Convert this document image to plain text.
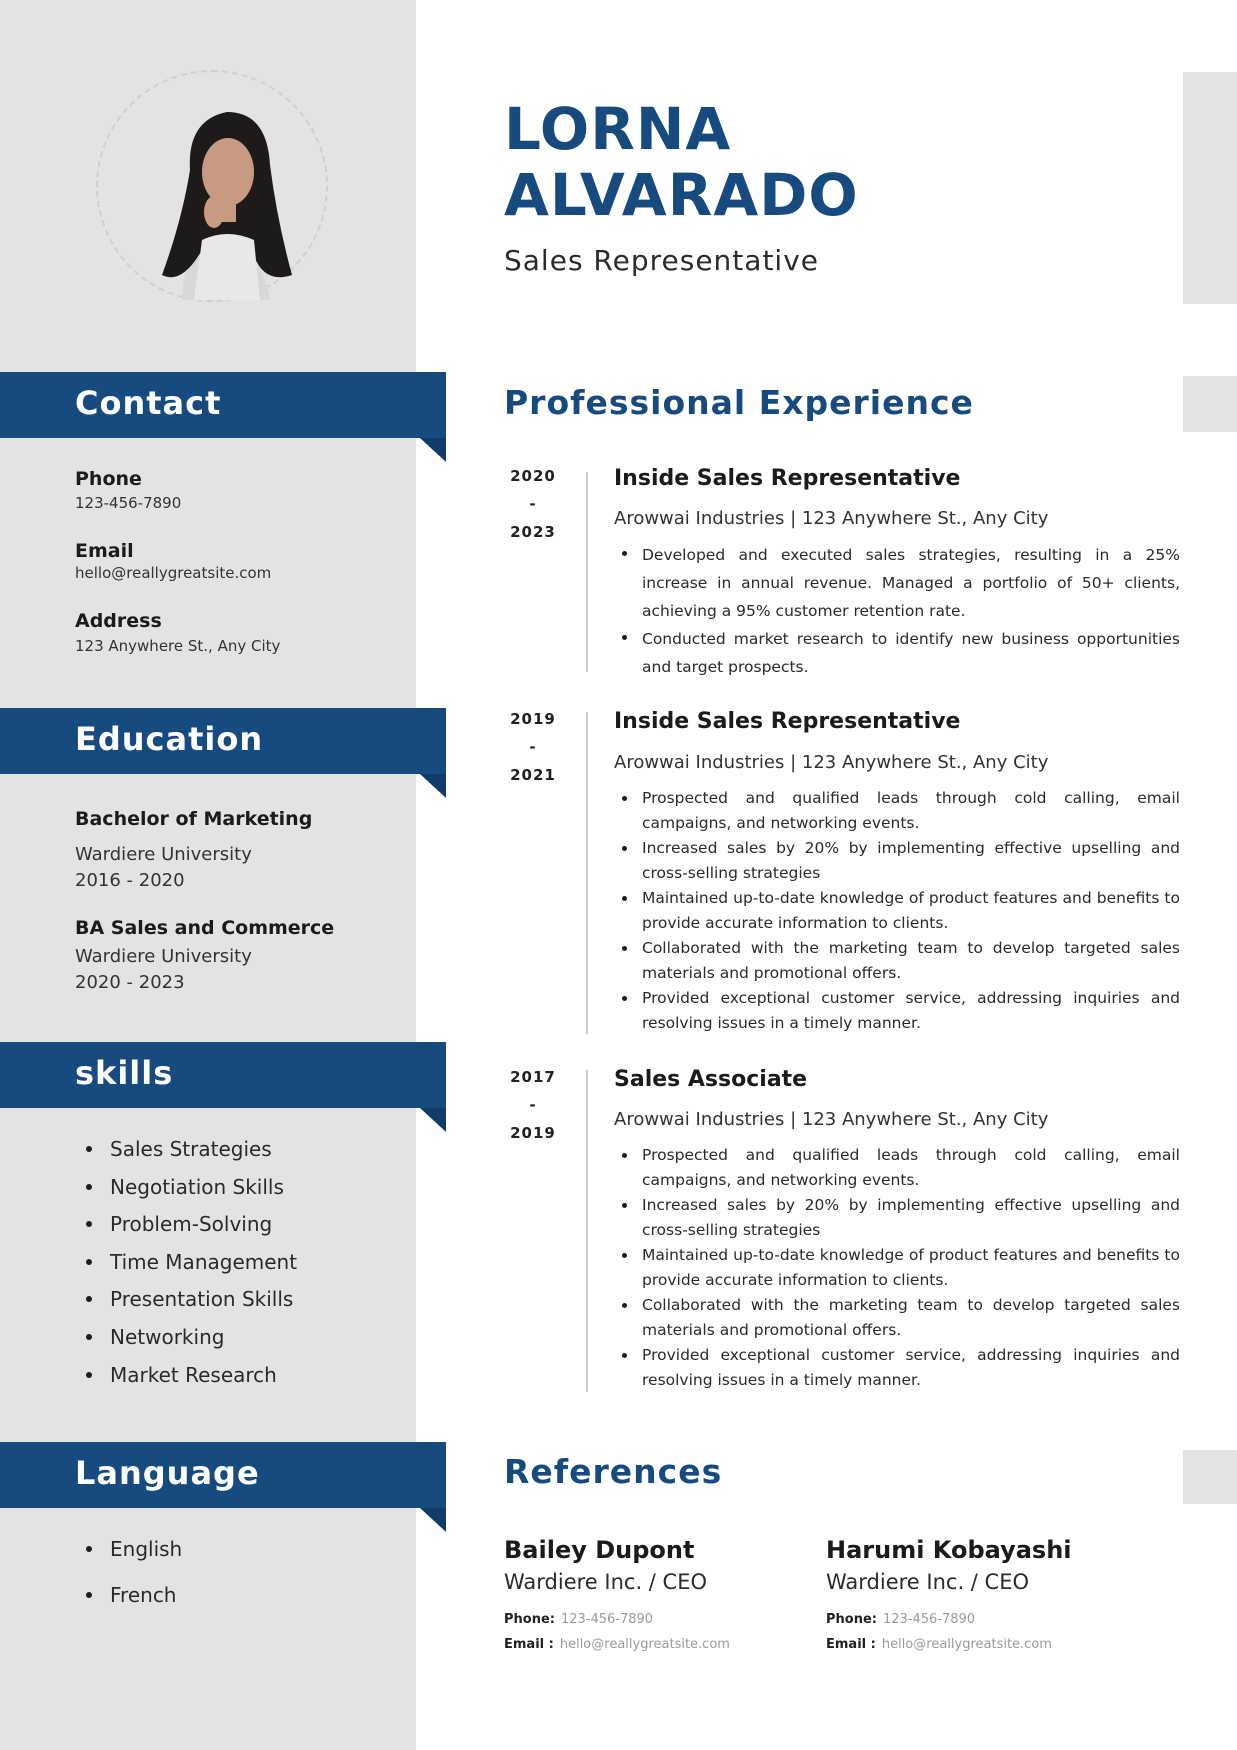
Contact
Phone
123-456-7890
Email
hello@reallygreatsite.com
Address
123 Anywhere St., Any City
Education
Bachelor of Marketing
Wardiere University
2016 - 2020
BA Sales and Commerce
Wardiere University
2020 - 2023
skills
Sales Strategies
Negotiation Skills
Problem-Solving
Time Management
Presentation Skills
Networking
Market Research
Language
English
French
LORNA
ALVARADO
Sales Representative
Professional Experience
2020
-
2023
Inside Sales Representative
Arowwai Industries | 123 Anywhere St., Any City
Developed and executed sales strategies, resulting in a 25% increase in annual revenue. Managed a portfolio of 50+ clients, achieving a 95% customer retention rate.
Conducted market research to identify new business opportunities and target prospects.
2019
-
2021
Inside Sales Representative
Arowwai Industries | 123 Anywhere St., Any City
Prospected and qualified leads through cold calling, email campaigns, and networking events.
Increased sales by 20% by implementing effective upselling and cross-selling strategies
Maintained up-to-date knowledge of product features and benefits to provide accurate information to clients.
Collaborated with the marketing team to develop targeted sales materials and promotional offers.
Provided exceptional customer service, addressing inquiries and resolving issues in a timely manner.
2017
-
2019
Sales Associate
Arowwai Industries | 123 Anywhere St., Any City
Prospected and qualified leads through cold calling, email campaigns, and networking events.
Increased sales by 20% by implementing effective upselling and cross-selling strategies
Maintained up-to-date knowledge of product features and benefits to provide accurate information to clients.
Collaborated with the marketing team to develop targeted sales materials and promotional offers.
Provided exceptional customer service, addressing inquiries and resolving issues in a timely manner.
References
Bailey Dupont
Wardiere Inc. / CEO
Phone: 123-456-7890
Email : hello@reallygreatsite.com
Harumi Kobayashi
Wardiere Inc. / CEO
Phone: 123-456-7890
Email : hello@reallygreatsite.com
